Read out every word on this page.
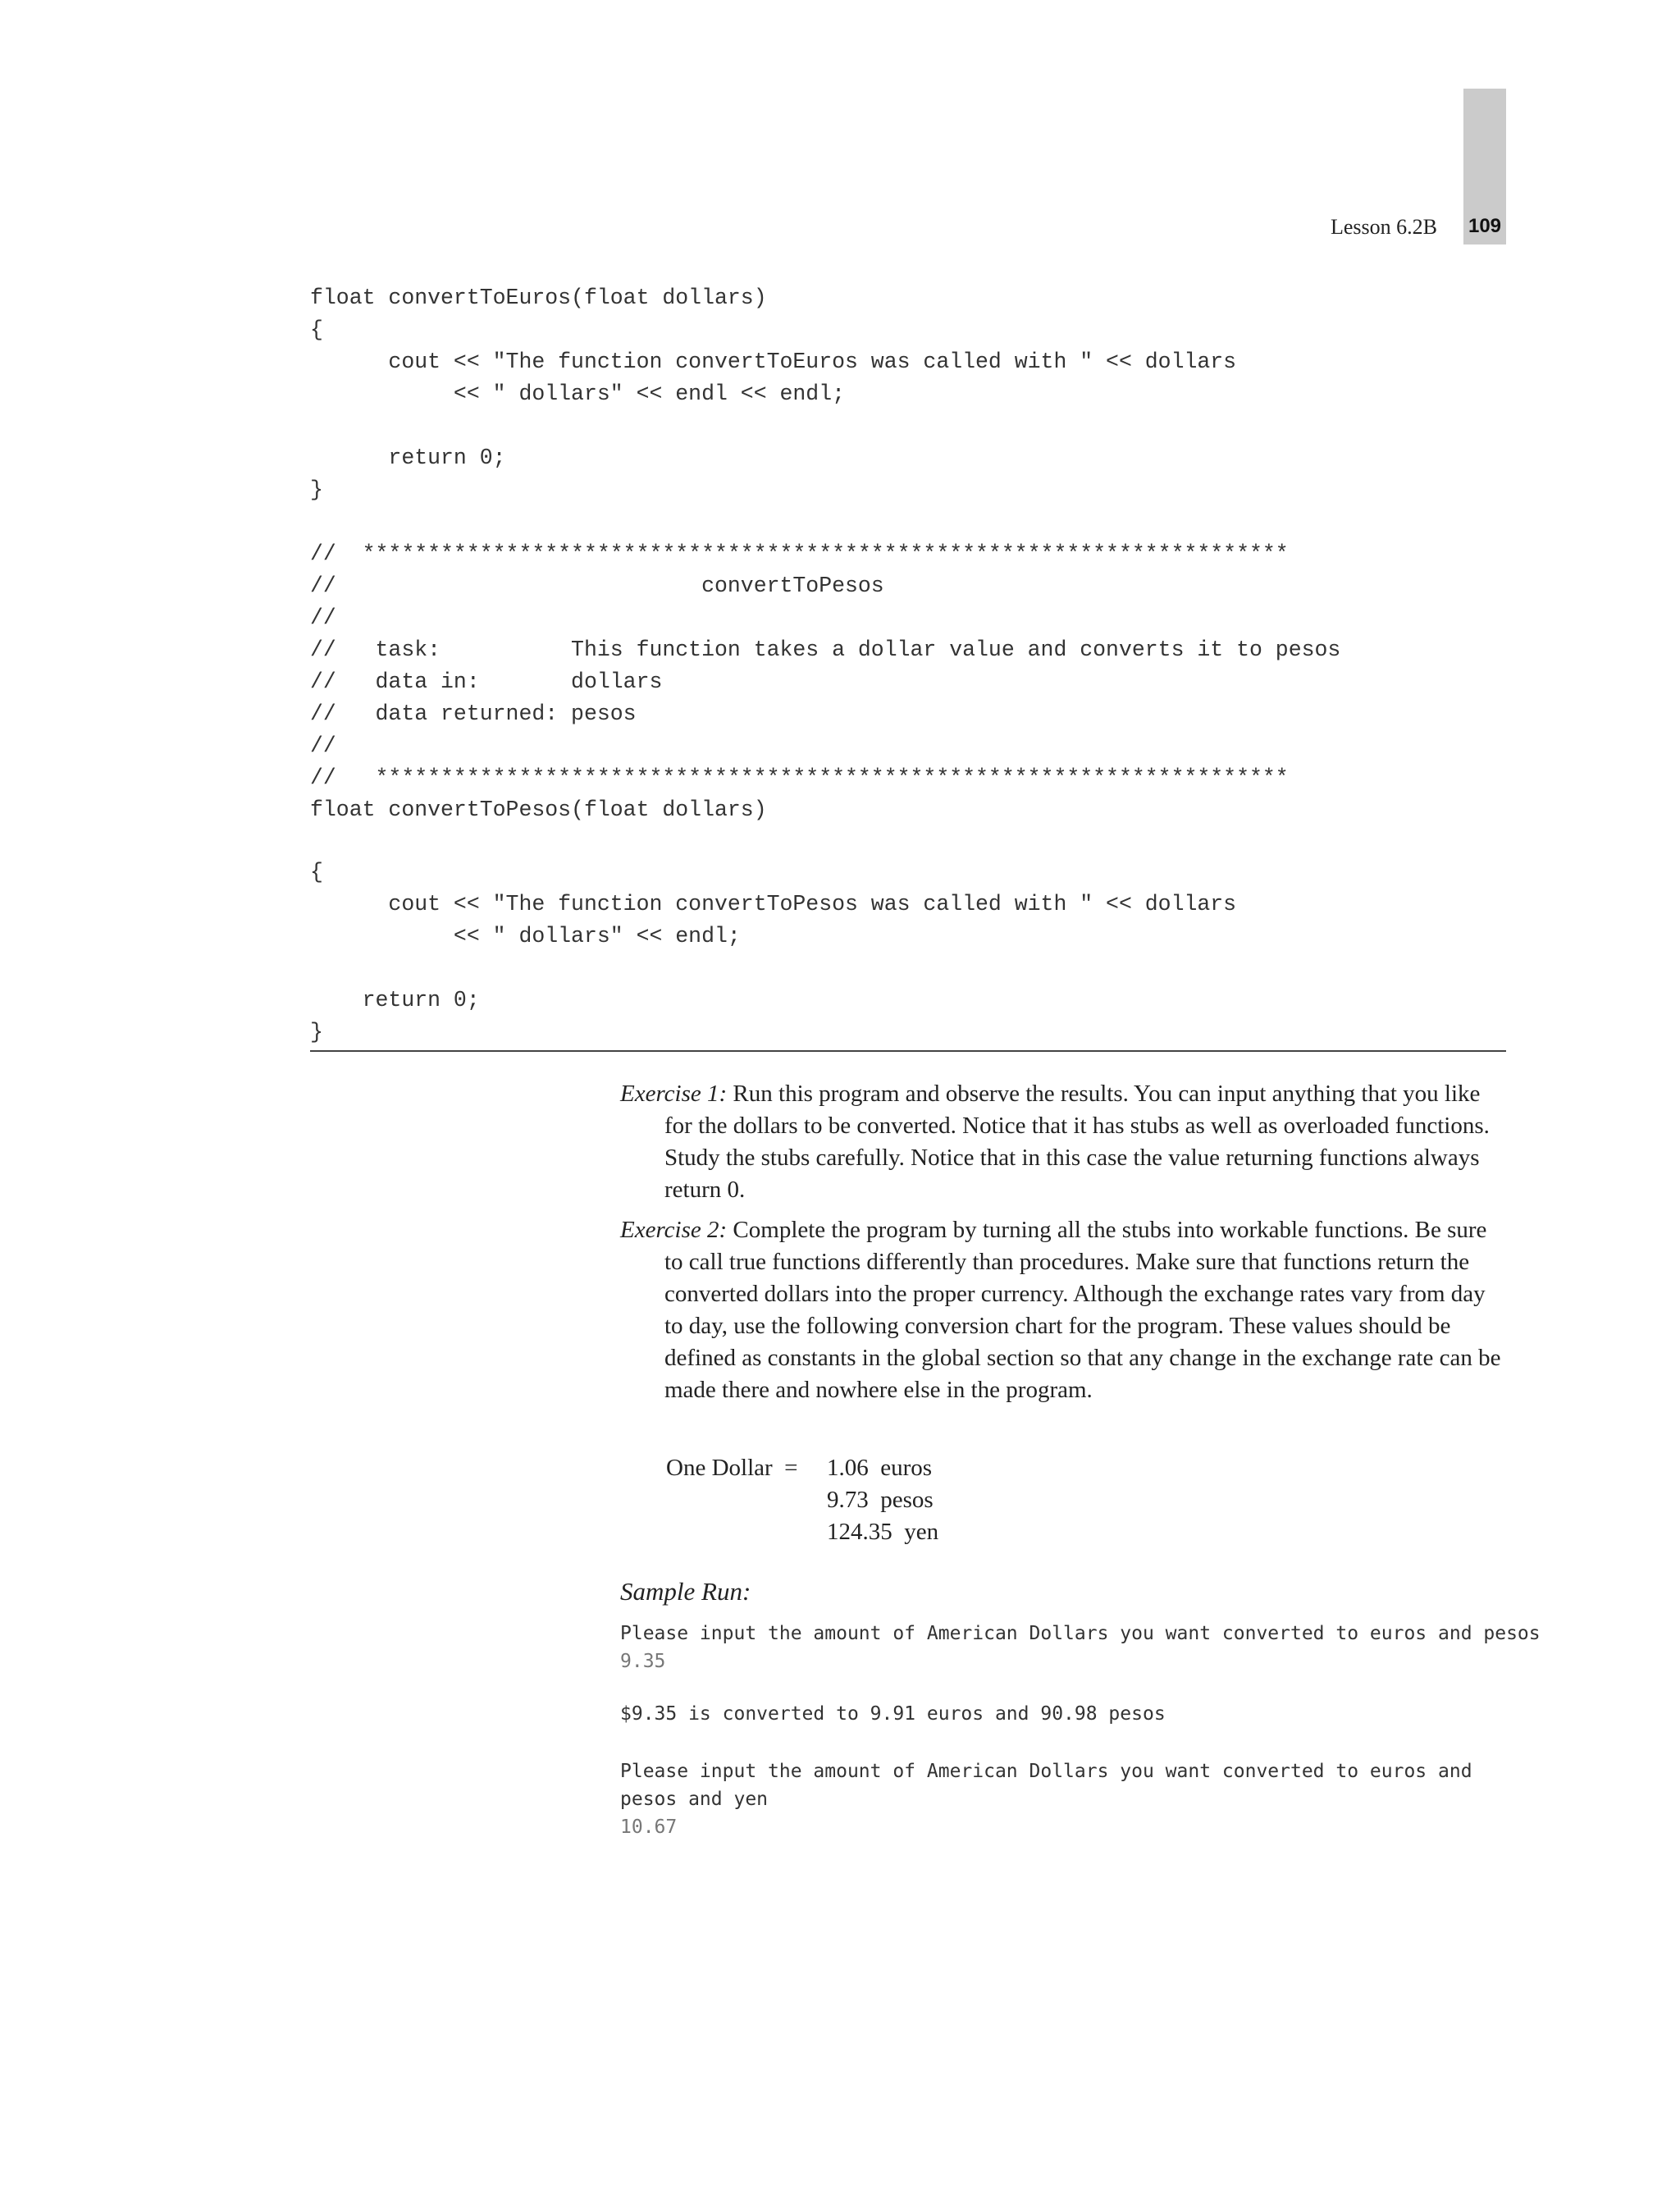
Lesson 6.2B 109
float convertToEuros(float dollars)
{
cout << "The function convertToEuros was called with " << dollars
<< " dollars" << endl << endl;

return 0;
}

//  ***********************************************************************
//                            convertToPesos
//
//   task:          This function takes a dollar value and converts it to pesos
//   data in:       dollars
//   data returned: pesos
//
//   **********************************************************************
float convertToPesos(float dollars)
{
cout << "The function convertToPesos was called with " << dollars
<< " dollars" << endl;

return 0;
}

Exercise 1: Run this program and observe the results. You can input anything that you like for the dollars to be converted. Notice that it has stubs as well as overloaded functions. Study the stubs carefully. Notice that in this case the value returning functions always return 0.

Exercise 2: Complete the program by turning all the stubs into workable functions. Be sure to call true functions differently than procedures. Make sure that functions return the converted dollars into the proper currency. Although the exchange rates vary from day to day, use the following conversion chart for the program. These values should be defined as constants in the global section so that any change in the exchange rate can be made there and nowhere else in the program.

One Dollar  = 1.06  euros
9.73  pesos
124.35  yen
Sample Run:
Please input the amount of American Dollars you want converted to euros and pesos
9.35
$9.35 is converted to 9.91 euros and 90.98 pesos
Please input the amount of American Dollars you want converted to euros and
pesos and yen
10.67
